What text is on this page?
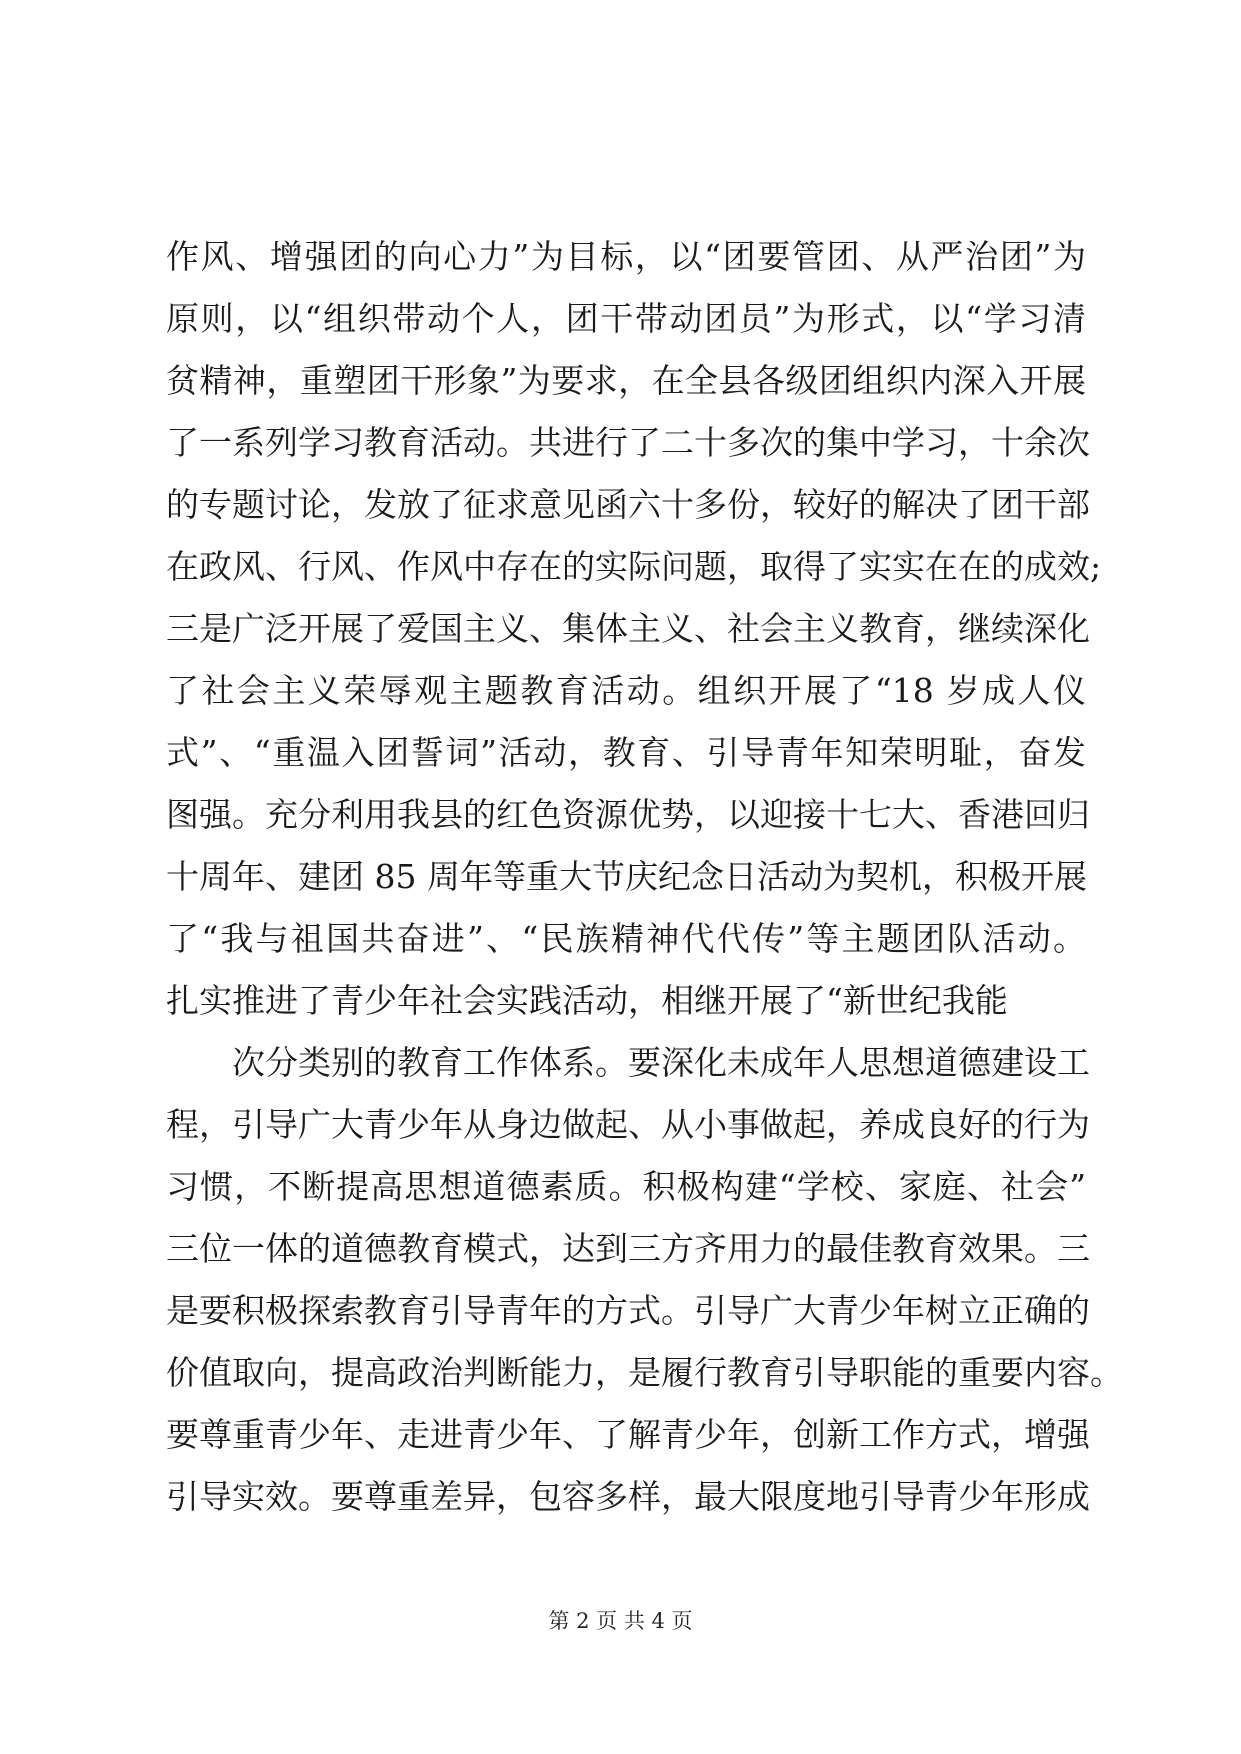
作风、增强团的向心力”为目标，以“团要管团、从严治团”为
原则，以“组织带动个人，团干带动团员”为形式，以“学习清
贫精神，重塑团干形象”为要求，在全县各级团组织内深入开展
了一系列学习教育活动。共进行了二十多次的集中学习，十余次
的专题讨论，发放了征求意见函六十多份，较好的解决了团干部
在政风、行风、作风中存在的实际问题，取得了实实在在的成效;
三是广泛开展了爱国主义、集体主义、社会主义教育，继续深化
了社会主义荣辱观主题教育活动。组织开展了“18 岁成人仪
式”、“重温入团誓词”活动，教育、引导青年知荣明耻，奋发
图强。充分利用我县的红色资源优势，以迎接十七大、香港回归
十周年、建团 85 周年等重大节庆纪念日活动为契机，积极开展
了“我与祖国共奋进”、“民族精神代代传”等主题团队活动。
扎实推进了青少年社会实践活动，相继开展了“新世纪我能
次分类别的教育工作体系。要深化未成年人思想道德建设工
程，引导广大青少年从身边做起、从小事做起，养成良好的行为
习惯，不断提高思想道德素质。积极构建“学校、家庭、社会”
三位一体的道德教育模式，达到三方齐用力的最佳教育效果。三
是要积极探索教育引导青年的方式。引导广大青少年树立正确的
价值取向，提高政治判断能力，是履行教育引导职能的重要内容。
要尊重青少年、走进青少年、了解青少年，创新工作方式，增强
引导实效。要尊重差异，包容多样，最大限度地引导青少年形成
第 2 页 共 4 页
